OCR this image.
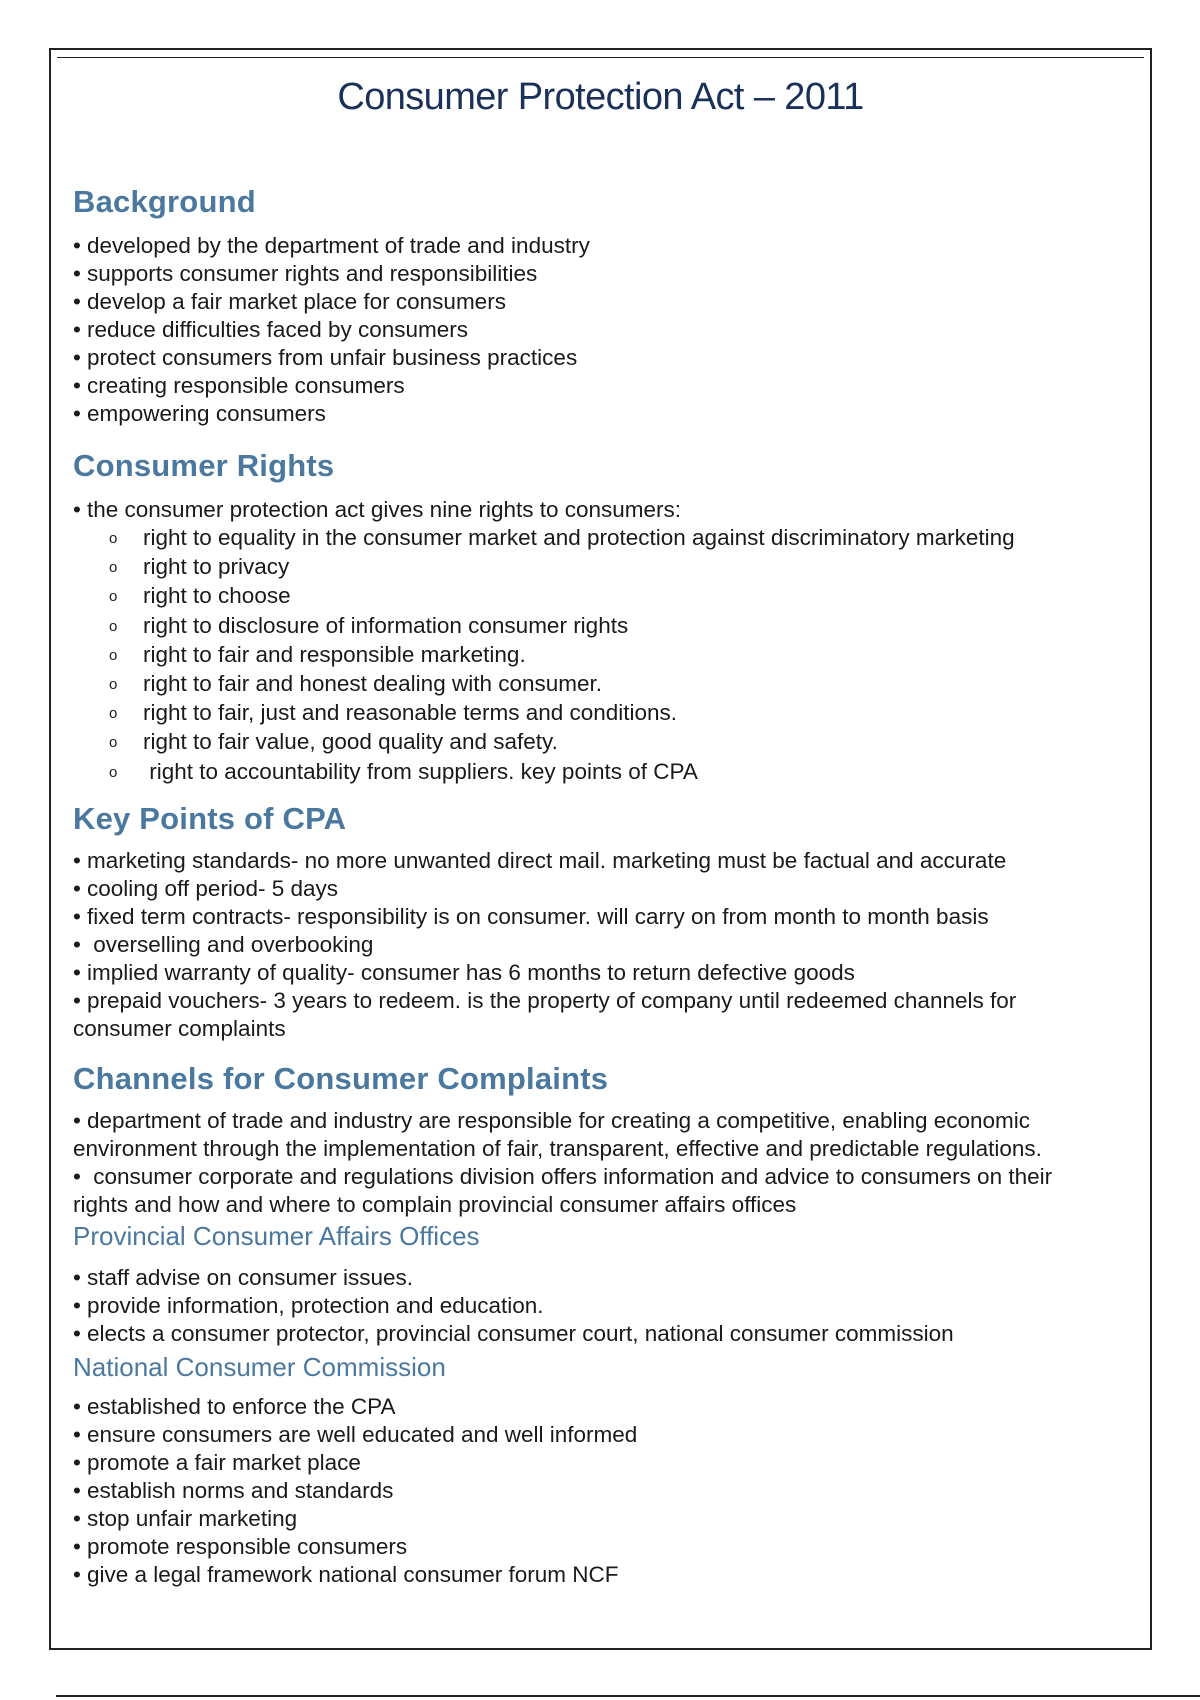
Consumer Protection Act – 2011
Background
• developed by the department of trade and industry
• supports consumer rights and responsibilities
• develop a fair market place for consumers
• reduce difficulties faced by consumers
• protect consumers from unfair business practices
• creating responsible consumers
• empowering consumers
Consumer Rights
• the consumer protection act gives nine rights to consumers:
o right to equality in the consumer market and protection against discriminatory marketing
o right to privacy
o right to choose
o right to disclosure of information consumer rights
o right to fair and responsible marketing.
o right to fair and honest dealing with consumer.
o right to fair, just and reasonable terms and conditions.
o right to fair value, good quality and safety.
o right to accountability from suppliers. key points of CPA
Key Points of CPA
• marketing standards- no more unwanted direct mail. marketing must be factual and accurate
• cooling off period- 5 days
• fixed term contracts- responsibility is on consumer. will carry on from month to month basis
• overselling and overbooking
• implied warranty of quality- consumer has 6 months to return defective goods
• prepaid vouchers- 3 years to redeem. is the property of company until redeemed channels for

consumer complaints

Channels for Consumer Complaints

• department of trade and industry are responsible for creating a competitive, enabling economic
environment through the implementation of fair, transparent, effective and predictable regulations.

• consumer corporate and regulations division offers information and advice to consumers on their
rights and how and where to complain provincial consumer affairs offices

Provincial Consumer Affairs Offices
• staff advise on consumer issues.
• provide information, protection and education.
• elects a consumer protector, provincial consumer court, national consumer commission
National Consumer Commission
• established to enforce the CPA
• ensure consumers are well educated and well informed
• promote a fair market place
• establish norms and standards
• stop unfair marketing
• promote responsible consumers
• give a legal framework national consumer forum NCF
